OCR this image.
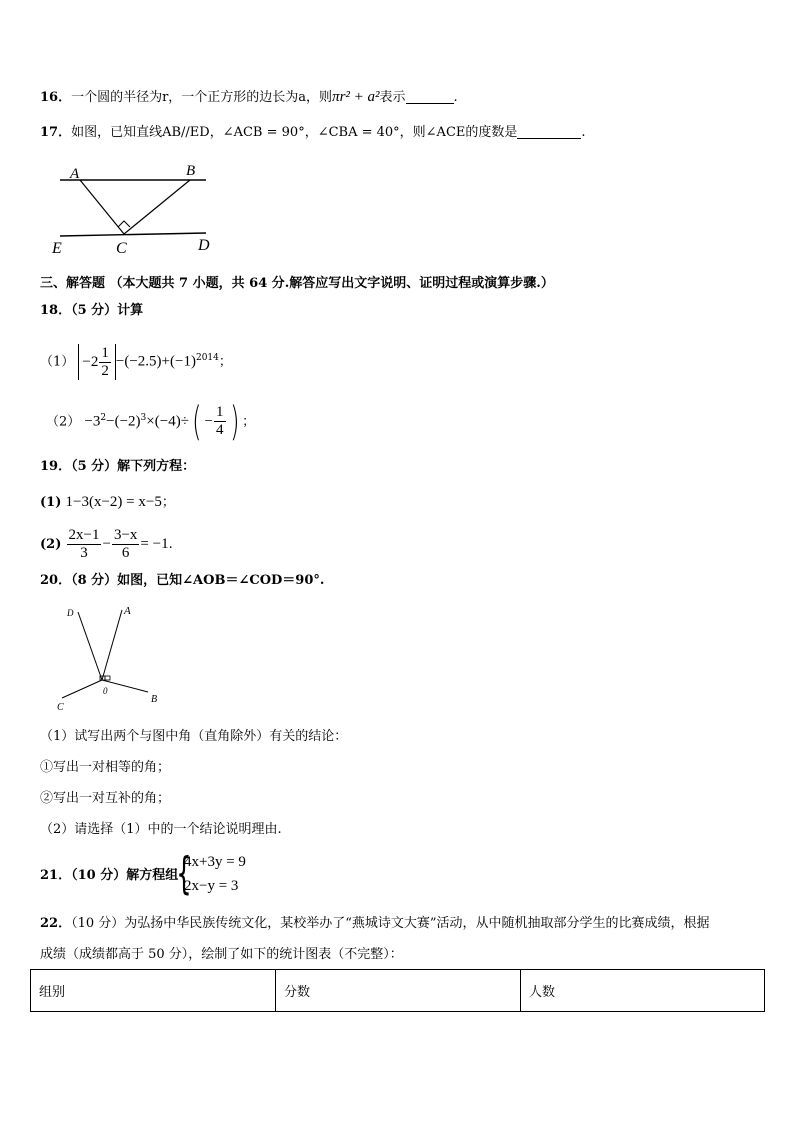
16．一个圆的半径为r，一个正方形的边长为a，则πr² + a²表示	.
17．如图，已知直线AB//ED，∠ACB = 90°，∠CBA = 40°，则∠ACE的度数是	.
A	B
C	D
E
三、解答题 （本大题共 7 小题，共 64 分.解答应写出文字说明、证明过程或演算步骤.）
18．（5 分）计算
$(1) -2 \frac{1}{2} -(-2.5)+(-1)^{2014}$；
$(2) -3^2-(-2)^3\times(-4)\div( - \frac{1}{4}$ ) ；
19．（5 分）解下列方程：
(1) 1−3(x−2) = x−5；
$(2) \frac{2x-1}{3} - \frac{3-x}{6} = -1$.
20．（8 分）如图，已知∠AOB＝∠COD＝90°.
D	A
0
C
B
（1）试写出两个与图中角（直角除外）有关的结论：
①写出一对相等的角；
②写出一对互补的角；
（2）请选择（1）中的一个结论说明理由.
21．（10 分）解方程组
{
4x+3y = 9
2x−y = 3
22．（10 分）为弘扬中华民族传统文化，某校举办了“燕城诗文大赛”活动，从中随机抽取部分学生的比赛成绩，根据
成绩（成绩都高于 50 分），绘制了如下的统计图表（不完整）：
组别	分数	人数
